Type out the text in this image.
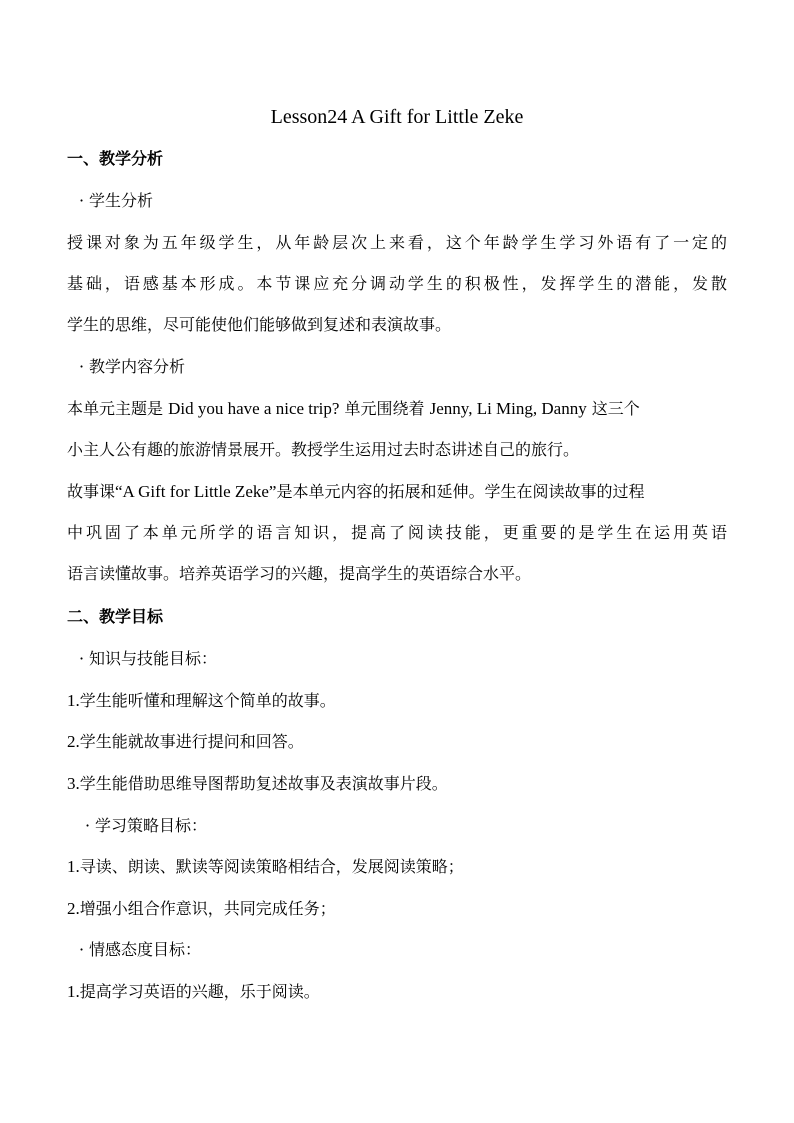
Lesson24 A Gift for Little Zeke
一、教学分析
· 学生分析
授课对象为五年级学生，从年龄层次上来看，这个年龄学生学习外语有了一定的
基础，语感基本形成。本节课应充分调动学生的积极性，发挥学生的潜能，发散
学生的思维，尽可能使他们能够做到复述和表演故事。
· 教学内容分析
本单元主题是 Did you have a nice trip? 单元围绕着 Jenny, Li Ming, Danny 这三个
小主人公有趣的旅游情景展开。教授学生运用过去时态讲述自己的旅行。
故事课“A Gift for Little Zeke”是本单元内容的拓展和延伸。学生在阅读故事的过程
中巩固了本单元所学的语言知识，提高了阅读技能，更重要的是学生在运用英语
语言读懂故事。培养英语学习的兴趣，提高学生的英语综合水平。
二、教学目标
· 知识与技能目标：
1.学生能听懂和理解这个简单的故事。
2.学生能就故事进行提问和回答。
3.学生能借助思维导图帮助复述故事及表演故事片段。
· 学习策略目标：
1.寻读、朗读、默读等阅读策略相结合，发展阅读策略；
2.增强小组合作意识，共同完成任务；
· 情感态度目标：
1.提高学习英语的兴趣，乐于阅读。
